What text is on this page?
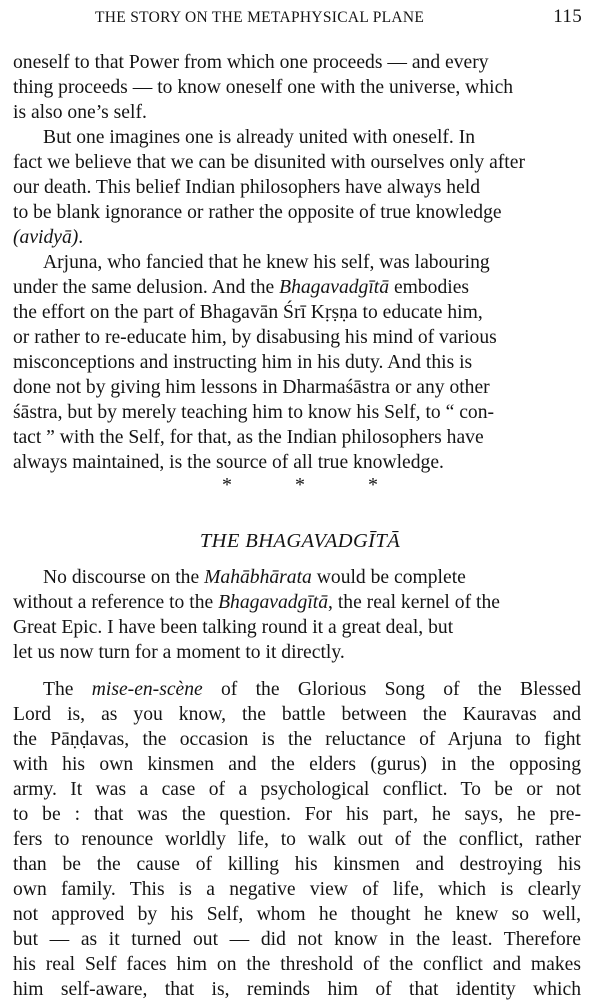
THE STORY ON THE METAPHYSICAL PLANE	115

oneself to that Power from which one proceeds — and every
thing proceeds — to know oneself one with the universe, which
is also one’s self.

But one imagines one is already united with oneself. In
fact we believe that we can be disunited with ourselves only after
our death. This belief Indian philosophers have always held
to be blank ignorance or rather the opposite of true knowledge
(avidyā).

Arjuna, who fancied that he knew his self, was labouring
under the same delusion. And the Bhagavadgītā embodies
the effort on the part of Bhagavān Śrī Kṛṣṇa to educate him,
or rather to re-educate him, by disabusing his mind of various
misconceptions and instructing him in his duty. And this is
done not by giving him lessons in Dharmaśāstra or any other
śāstra, but by merely teaching him to know his Self, to “ con-
tact ” with the Self, for that, as the Indian philosophers have
always maintained, is the source of all true knowledge.

* * *
THE BHAGAVADGĪTĀ

No discourse on the Mahābhārata would be complete
without a reference to the Bhagavadgītā, the real kernel of the
Great Epic. I have been talking round it a great deal, but
let us now turn for a moment to it directly.

The mise-en-scène of the Glorious Song of the Blessed
Lord is, as you know, the battle between the Kauravas and
the Pāṇḍavas, the occasion is the reluctance of Arjuna to fight
with his own kinsmen and the elders (gurus) in the opposing
army. It was a case of a psychological conflict. To be or not
to be : that was the question. For his part, he says, he pre-
fers to renounce worldly life, to walk out of the conflict, rather
than be the cause of killing his kinsmen and destroying his
own family. This is a negative view of life, which is clearly
not approved by his Self, whom he thought he knew so well,
but — as it turned out — did not know in the least. Therefore
his real Self faces him on the threshold of the conflict and makes
him self-aware, that is, reminds him of that identity which
